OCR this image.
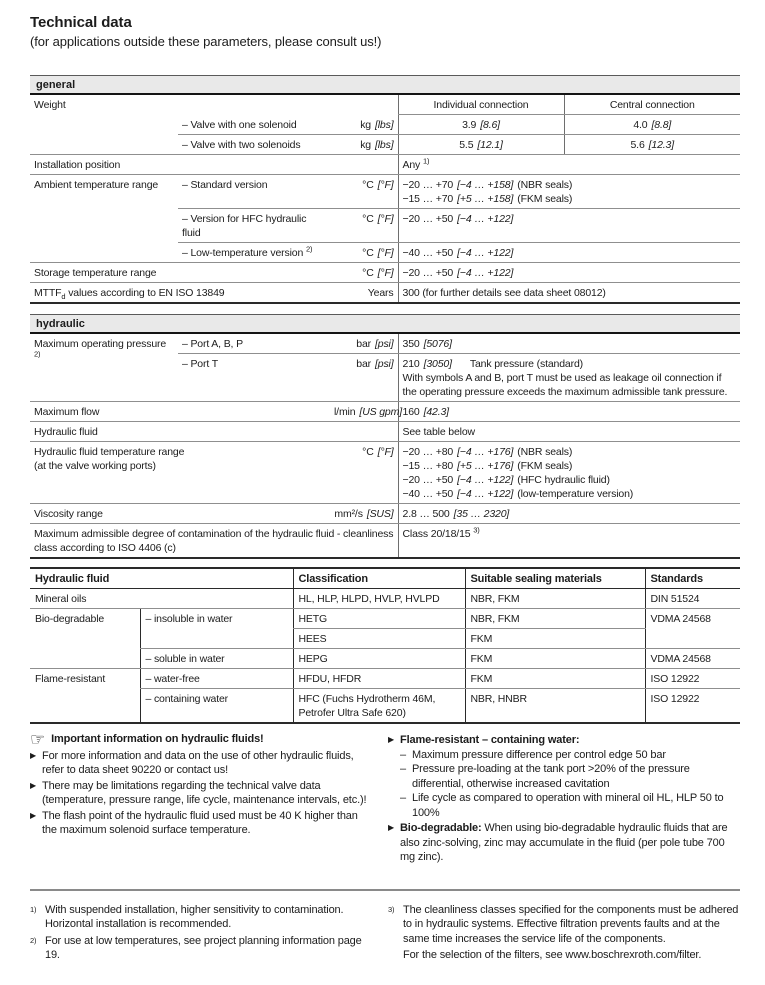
Technical data
(for applications outside these parameters, please consult us!)
general
Weight			Individual connection	Central connection
	– Valve with one solenoid	kg [lbs]	3.9 [8.6]	4.0 [8.8]
	– Valve with two solenoids	kg [lbs]	5.5 [12.1]	5.6 [12.3]
Installation position			Any $^{1)}$
Ambient temperature range	– Standard version	°C [°F]	−20 … +70 [−4 … +158] (NBR seals)
−15 … +70 [+5 … +158] (FKM seals)	

	– Version for HFC hydraulic fluid	°C [°F]	−20 … +50 [−4 … +122]	

	– Low-temperature version $^{2)}$	°C [°F]	−40 … +50 [−4 … +122]	

Storage temperature range		°C [°F]	−20 … +50 [−4 … +122]	
$MTTF_d$ values according to EN ISO 13849		Years	300 (for further details see data sheet 08012)	
hydraulic
Maximum operating pressure $^{2)}$	– Port A, B, P	bar [psi]	350 [5076]
	– Port T	bar [psi]	210 [3050] Tank pressure (standard)
With symbols A and B, port T must be used as leakage oil connection if the operating pressure exceeds the maximum admissible tank pressure.

Maximum flow		l/min [US gpm]	160 [42.3]
Hydraulic fluid			See table below

Hydraulic fluid temperature range
(at the valve working ports)
	°C [°F]	−20 … +80 [−4 … +176] (NBR seals)
−15 … +80 [+5 … +176] (FKM seals)
−20 … +50 [−4 … +122] (HFC hydraulic fluid)
−40 … +50 [−4 … +122] (low-temperature version)

Viscosity range		mm²/s [SUS]	2.8 … 500 [35 … 2320]
Maximum admissible degree of contamination of the hydraulic fluid - cleanliness class according to ISO 4406 (c)			Class 20/18/15 $^{3)}$
Hydraulic fluid		Classification	Suitable sealing materials	Standards
Mineral oils		HL, HLP, HLPD, HVLP, HVLPD	NBR, FKM	DIN 51524
Bio-degradable	– insoluble in water	HETG	NBR, FKM	VDMA 24568
		HEES	FKM	
	– soluble in water	HEPG	FKM	VDMA 24568
Flame-resistant	– water-free	HFDU, HFDR	FKM	ISO 12922
	– containing water	HFC (Fuchs Hydrotherm 46M, Petrofer Ultra Safe 620)	NBR, HNBR	ISO 12922
☞ Important information on hydraulic fluids!
▶ For more information and data on the use of other hydraulic fluids, refer to data sheet 90220 or contact us!
▶ There may be limitations regarding the technical valve data (temperature, pressure range, life cycle, maintenance intervals, etc.)!
▶ The flash point of the hydraulic fluid used must be 40 K higher than the maximum solenoid surface temperature.
▶ Flame-resistant – containing water:
– Maximum pressure difference per control edge 50 bar
– Pressure pre-loading at the tank port >20% of the pressure differential, otherwise increased cavitation
– Life cycle as compared to operation with mineral oil HL, HLP 50 to 100%
▶ Bio-degradable: When using bio-degradable hydraulic fluids that are also zinc-solving, zinc may accumulate in the fluid (per pole tube 700 mg zinc).
1) With suspended installation, higher sensitivity to contamination. Horizontal installation is recommended.
2) For use at low temperatures, see project planning information page 19.
3) The cleanliness classes specified for the components must be adhered to in hydraulic systems. Effective filtration prevents faults and at the same time increases the service life of the components.
For the selection of the filters, see www.boschrexroth.com/filter.
